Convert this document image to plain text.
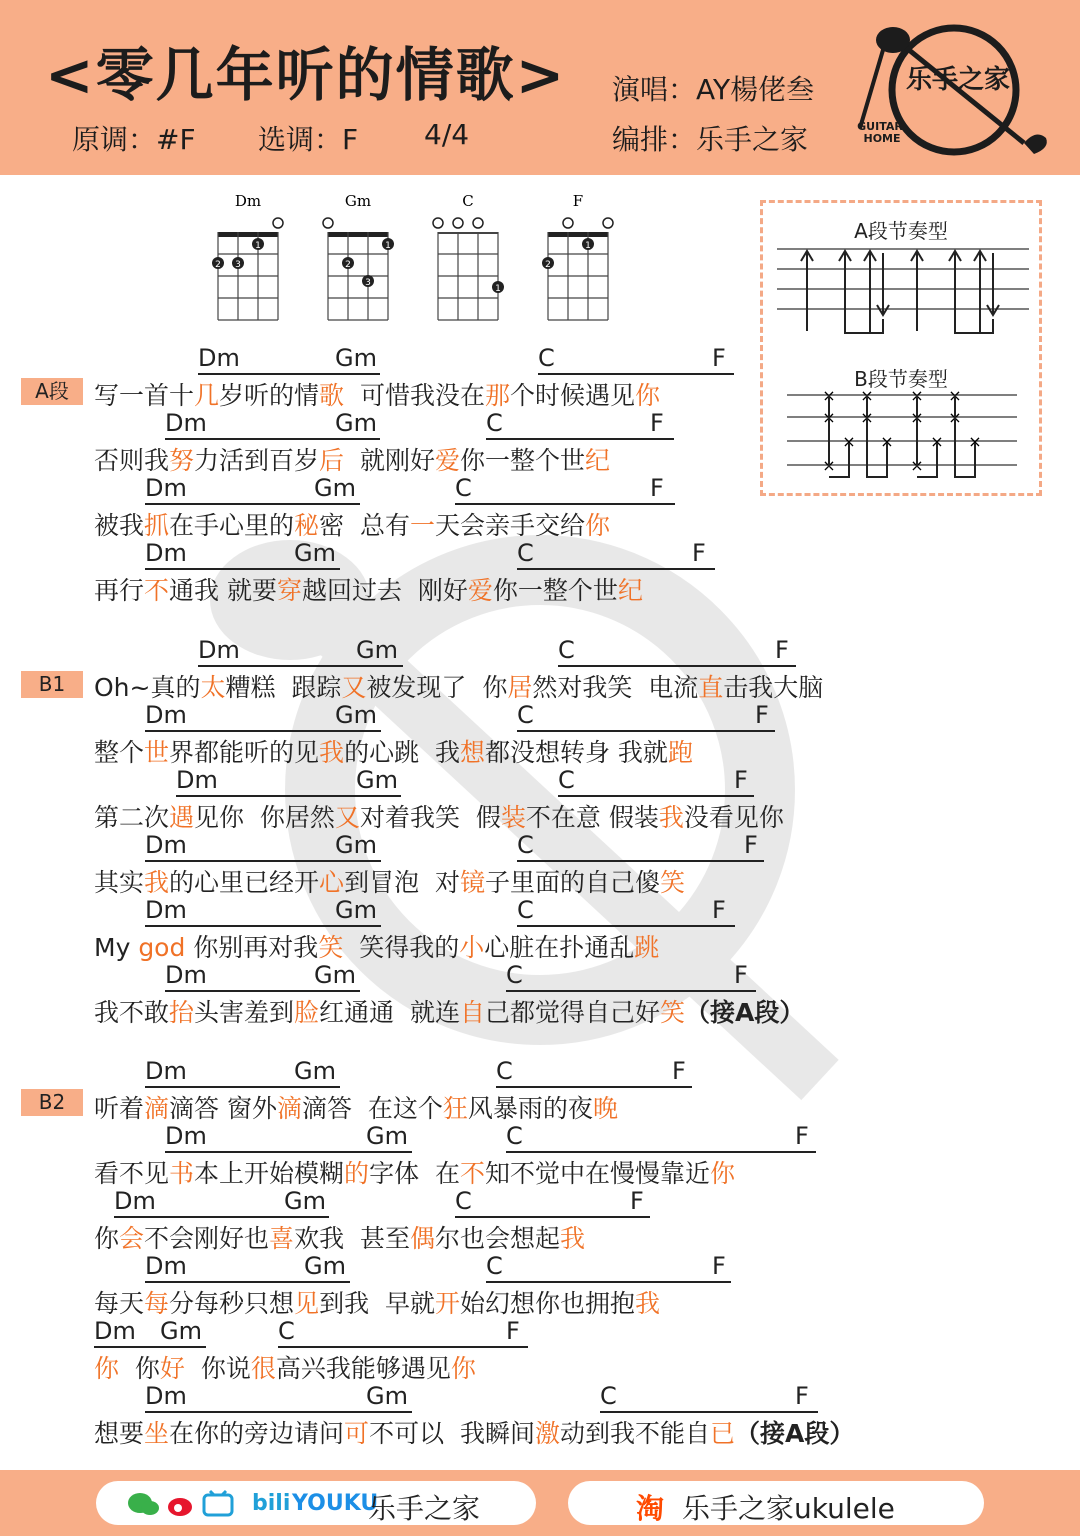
<零几年听的情歌>
原调：#F 选调：F 4/4
演唱：AY楊佬叁
编排：乐手之家
乐手之家
GUITAR
HOME
Dm
1
2 3
Gm
1
2
3
C
1
F
1
2
A段节奏型
B段节奏型
×
×
×
×
×
× ×
×
×
×
×
×
× ×
A段
B1
B2
Dm	Gm	C	F
写一首十几岁听的情歌  可惜我没在那个时候遇见你
Dm	Gm	C	F
否则我努力活到百岁后  就刚好爱你一整个世纪
Dm	Gm	C	F
被我抓在手心里的秘密  总有一天会亲手交给你
Dm	Gm	C	F
再行不通我 就要穿越回过去  刚好爱你一整个世纪
Dm	Gm	C	F
Oh~真的太糟糕  跟踪又被发现了  你居然对我笑  电流直击我大脑
Dm	Gm	C	F
整个世界都能听的见我的心跳  我想都没想转身 我就跑
Dm	Gm	C	F
第二次遇见你  你居然又对着我笑  假装不在意 假装我没看见你
Dm	Gm	C	F
其实我的心里已经开心到冒泡  对镜子里面的自己傻笑
Dm	Gm	C	F
My god 你别再对我笑  笑得我的小心脏在扑通乱跳
Dm	Gm	C	F
我不敢抬头害羞到脸红通通  就连自己都觉得自己好笑（接A段）
Dm	Gm	C	F
听着滴滴答 窗外滴滴答  在这个狂风暴雨的夜晚
Dm	Gm	C	F
看不见书本上开始模糊的字体  在不知不觉中在慢慢靠近你
Dm	Gm	C	F
你会不会刚好也喜欢我  甚至偶尔也会想起我
Dm	Gm	C	F
每天每分每秒只想见到我  早就开始幻想你也拥抱我
Dm Gm	C	F
你  你好  你说很高兴我能够遇见你
Dm	Gm	C	F
想要坐在你的旁边请问可不可以  我瞬间激动到我不能自已（接A段）
bili YOUKU
乐手之家	淘 乐手之家ukulele
